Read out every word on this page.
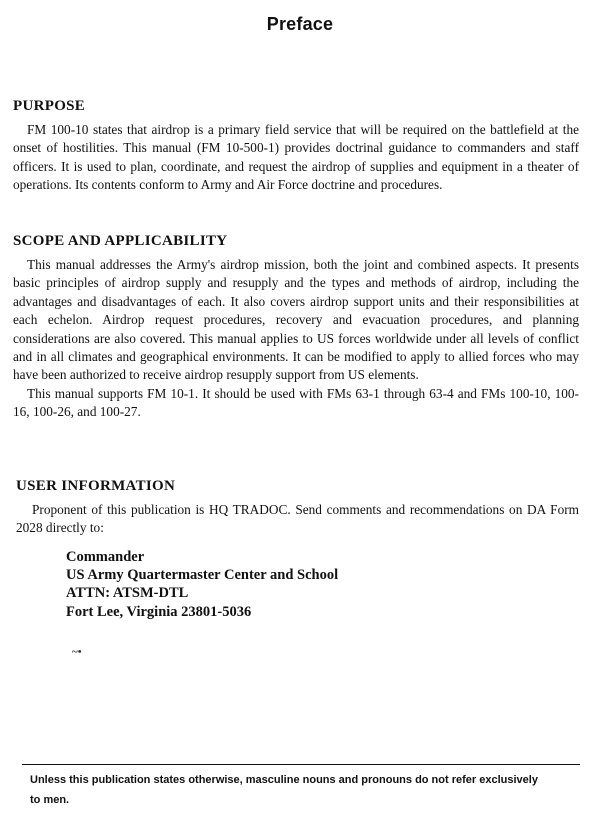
Preface
PURPOSE

FM 100-10 states that airdrop is a primary field service that will be required on the battlefield at the onset of hostilities. This manual (FM 10-500-1) provides doctrinal guidance to commanders and staff officers. It is used to plan, coordinate, and request the airdrop of supplies and equipment in a theater of operations. Its contents conform to Army and Air Force doctrine and procedures.

SCOPE AND APPLICABILITY

This manual addresses the Army's airdrop mission, both the joint and combined aspects. It presents basic principles of airdrop supply and resupply and the types and methods of airdrop, including the advantages and disadvantages of each. It also covers airdrop support units and their responsibilities at each echelon. Airdrop request procedures, recovery and evacuation procedures, and planning considerations are also covered. This manual applies to US forces worldwide under all levels of conflict and in all climates and geographical environments. It can be modified to apply to allied forces who may have been authorized to receive airdrop resupply support from US elements.

This manual supports FM 10-1. It should be used with FMs 63-1 through 63-4 and FMs 100-10, 100-16, 100-26, and 100-27.

USER INFORMATION

Proponent of this publication is HQ TRADOC. Send comments and recommendations on DA Form 2028 directly to:

Commander
US Army Quartermaster Center and School
ATTN: ATSM-DTL
Fort Lee, Virginia 23801-5036
~•
Unless this publication states otherwise, masculine nouns and pronouns do not refer exclusively to men.
